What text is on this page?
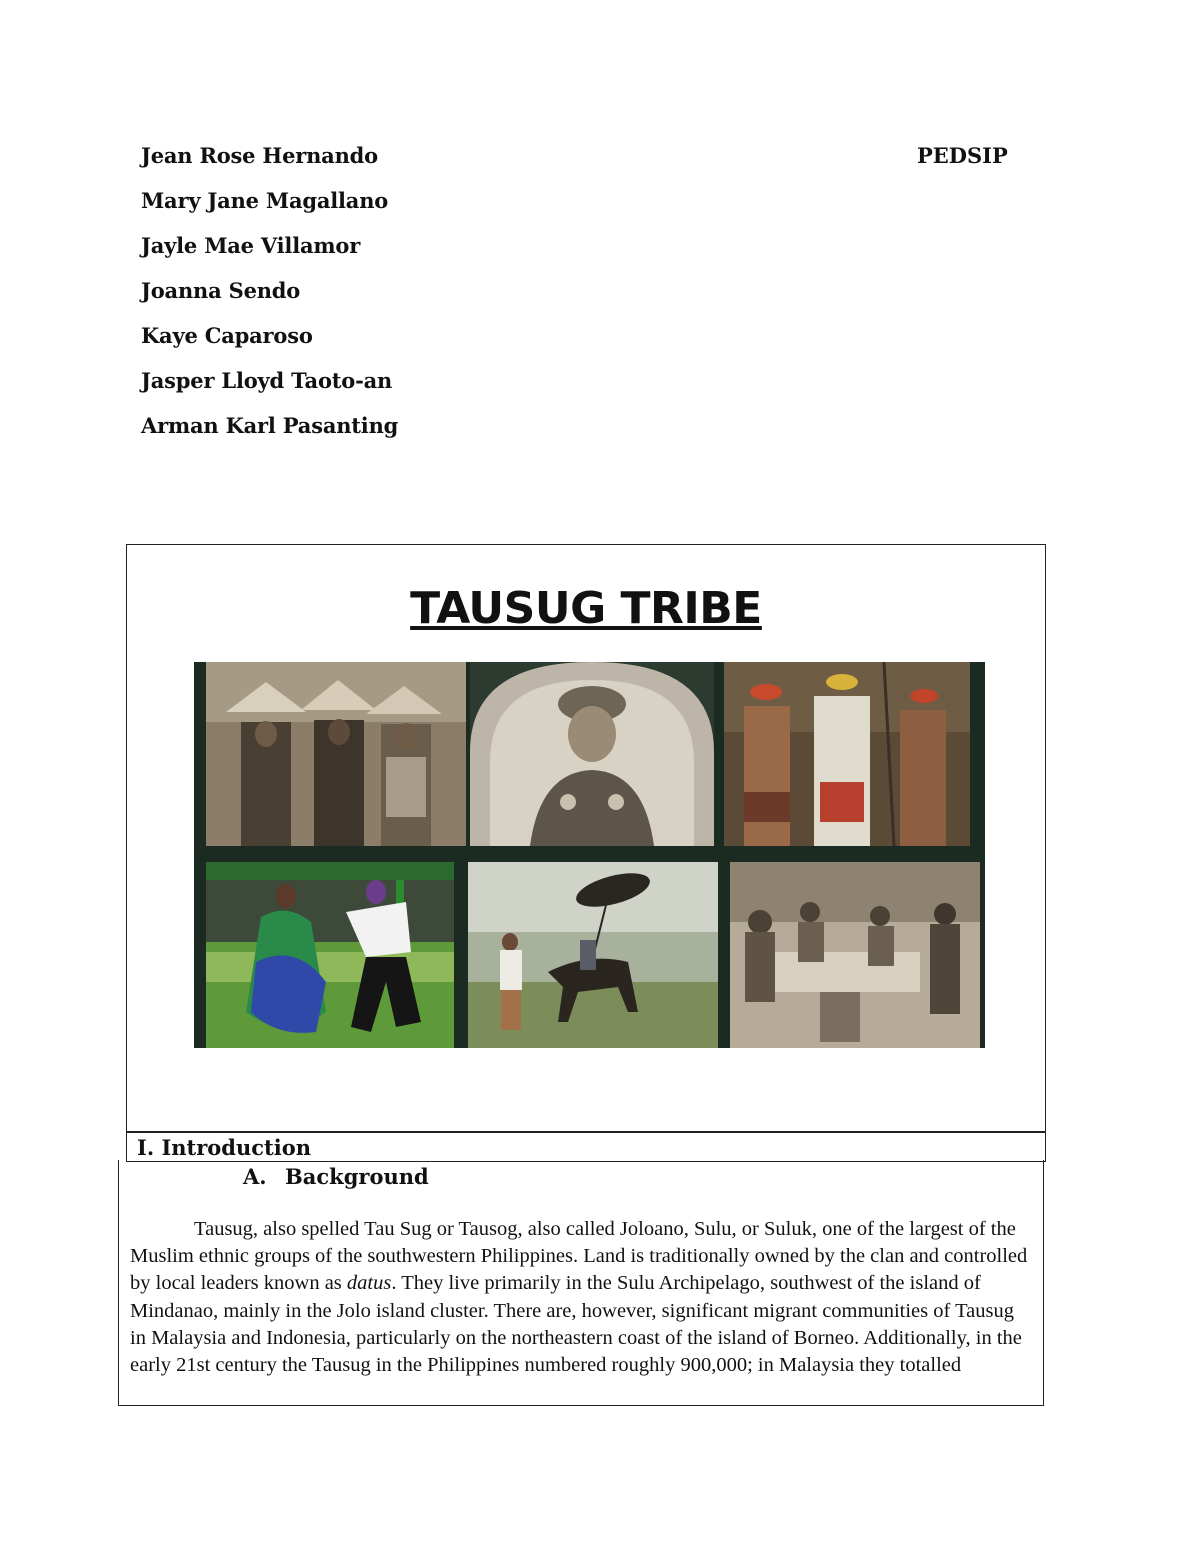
Jean Rose Hernando
Mary Jane Magallano
Jayle Mae Villamor
Joanna Sendo
Kaye Caparoso
Jasper Lloyd Taoto-an
Arman Karl Pasanting
PEDSIP
TAUSUG TRIBE
I. Introduction
A. Background

Tausug, also spelled Tau Sug or Tausog, also called Joloano, Sulu, or Suluk, one of the largest of the Muslim ethnic groups of the southwestern Philippines. Land is traditionally owned by the clan and controlled by local leaders known as datus. They live primarily in the Sulu Archipelago, southwest of the island of Mindanao, mainly in the Jolo island cluster. There are, however, significant migrant communities of Tausug in Malaysia and Indonesia, particularly on the northeastern coast of the island of Borneo. Additionally, in the early 21st century the Tausug in the Philippines numbered roughly 900,000; in Malaysia they totalled
